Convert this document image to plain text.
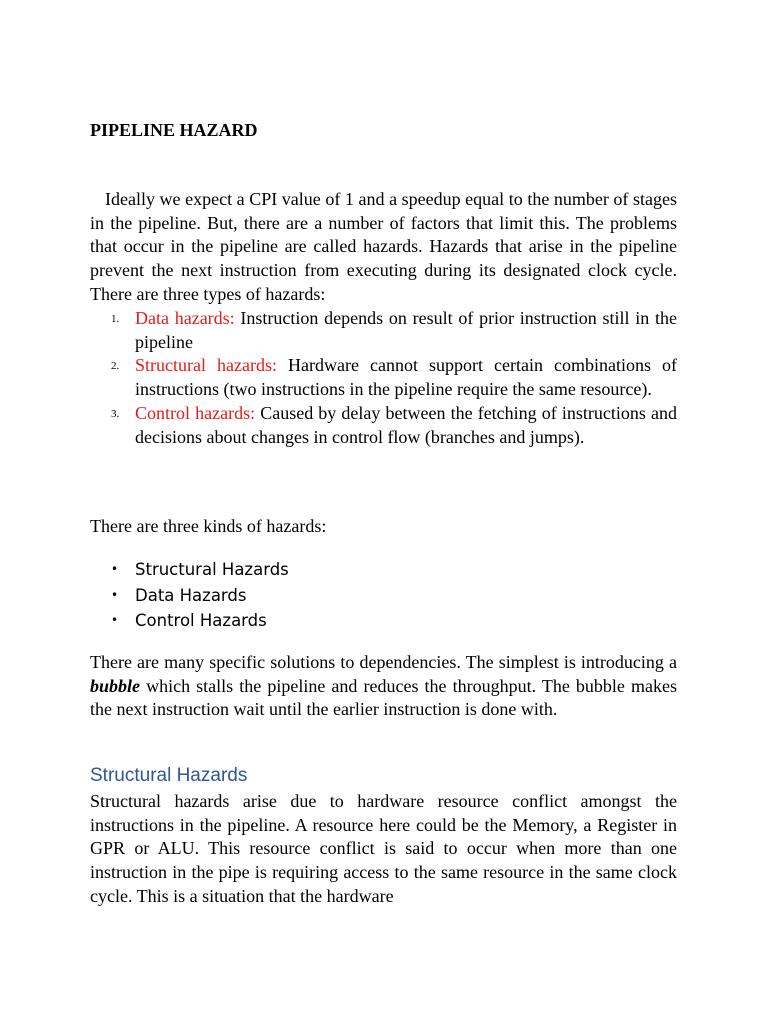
PIPELINE HAZARD

Ideally we expect a CPI value of 1 and a speedup equal to the number of stages in the pipeline. But, there are a number of factors that limit this. The problems that occur in the pipeline are called hazards. Hazards that arise in the pipeline prevent the next instruction from executing during its designated clock cycle. There are three types of hazards:

1. Data hazards: Instruction depends on result of prior instruction still in the pipeline
2. Structural hazards: Hardware cannot support certain combinations of instructions (two instructions in the pipeline require the same resource).
3. Control hazards: Caused by delay between the fetching of instructions and decisions about changes in control flow (branches and jumps).

There are three kinds of hazards:

• Structural Hazards
• Data Hazards
• Control Hazards

There are many specific solutions to dependencies. The simplest is introducing a bubble which stalls the pipeline and reduces the throughput. The bubble makes the next instruction wait until the earlier instruction is done with.

Structural Hazards

Structural hazards arise due to hardware resource conflict amongst the instructions in the pipeline. A resource here could be the Memory, a Register in GPR or ALU. This resource conflict is said to occur when more than one instruction in the pipe is requiring access to the same resource in the same clock cycle. This is a situation that the hardware
